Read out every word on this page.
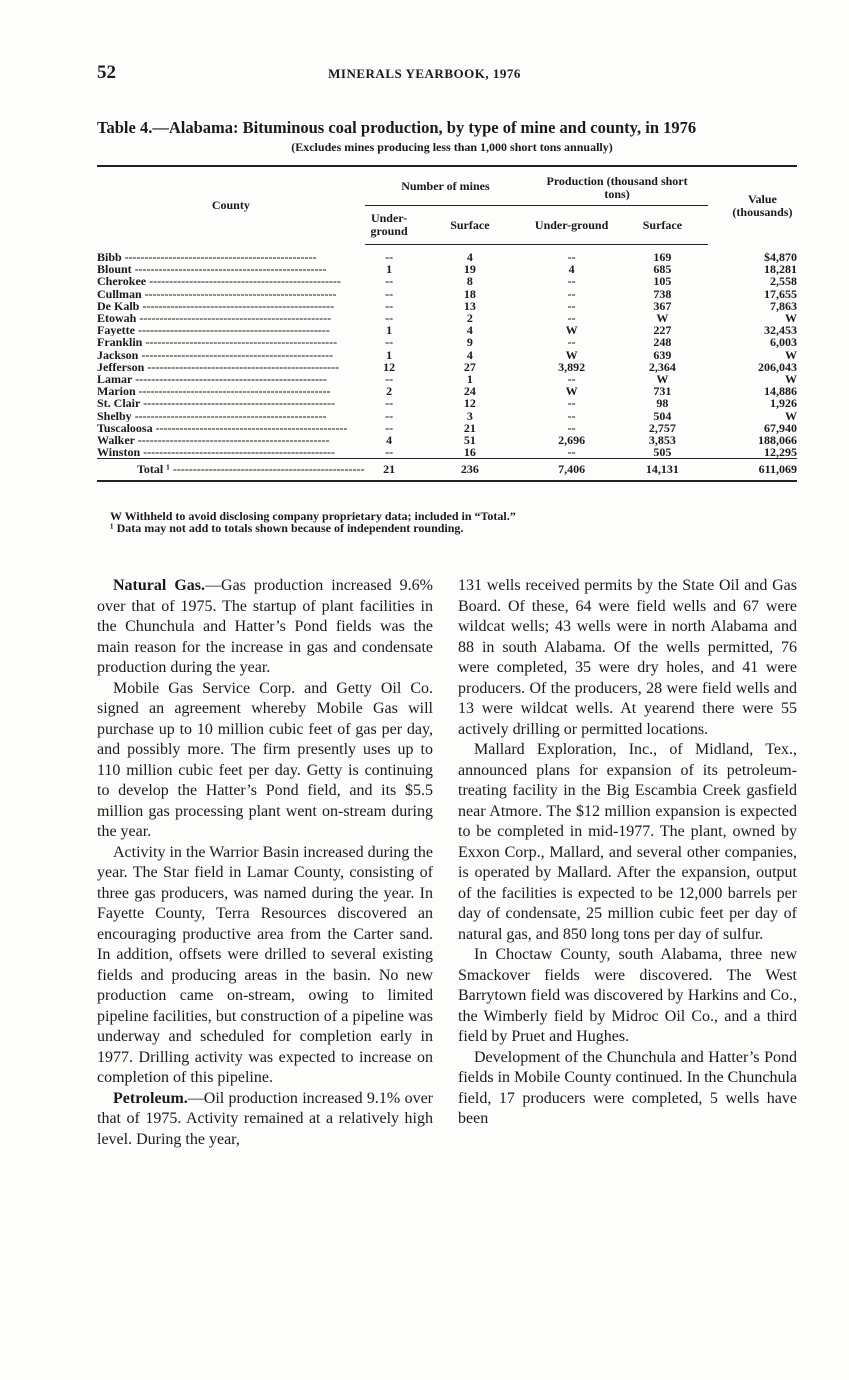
52	MINERALS YEARBOOK, 1976
Table 4.—Alabama: Bituminous coal production, by type of mine and county, in 1976
(Excludes mines producing less than 1,000 short tons annually)
County	Number of mines		Production (thousand short tons)		Value (thousands)
	Under-ground	Surface	Under-ground	Surface	
Bibb ------------------------------------------------	--	4	--	169	$4,870
Blount ------------------------------------------------	1	19	4	685	18,281
Cherokee ------------------------------------------------	--	8	--	105	2,558
Cullman ------------------------------------------------	--	18	--	738	17,655
De Kalb ------------------------------------------------	--	13	--	367	7,863
Etowah ------------------------------------------------	--	2	--	W	W
Fayette ------------------------------------------------	1	4	W	227	32,453
Franklin ------------------------------------------------	--	9	--	248	6,003
Jackson ------------------------------------------------	1	4	W	639	W
Jefferson ------------------------------------------------	12	27	3,892	2,364	206,043
Lamar ------------------------------------------------	--	1	--	W	W
Marion ------------------------------------------------	2	24	W	731	14,886
St. Clair ------------------------------------------------	--	12	--	98	1,926
Shelby ------------------------------------------------	--	3	--	504	W
Tuscaloosa ------------------------------------------------	--	21	--	2,757	67,940
Walker ------------------------------------------------	4	51	2,696	3,853	188,066
Winston ------------------------------------------------	--	16	--	505	12,295
Total ¹ ------------------------------------------------	21	236	7,406	14,131	611,069
W Withheld to avoid disclosing company proprietary data; included in “Total.”
¹ Data may not add to totals shown because of independent rounding.

Natural Gas.—Gas production increased 9.6% over that of 1975. The startup of plant facilities in the Chunchula and Hatter’s Pond fields was the main reason for the increase in gas and condensate production during the year.

Mobile Gas Service Corp. and Getty Oil Co. signed an agreement whereby Mobile Gas will purchase up to 10 million cubic feet of gas per day, and possibly more. The firm presently uses up to 110 million cubic feet per day. Getty is continuing to develop the Hatter’s Pond field, and its $5.5 million gas processing plant went on-stream during the year.

Activity in the Warrior Basin increased during the year. The Star field in Lamar County, consisting of three gas producers, was named during the year. In Fayette County, Terra Resources discovered an encouraging productive area from the Carter sand. In addition, offsets were drilled to several existing fields and producing areas in the basin. No new production came on-stream, owing to limited pipeline facilities, but construction of a pipeline was underway and scheduled for completion early in 1977. Drilling activity was expected to increase on completion of this pipeline.

Petroleum.—Oil production increased 9.1% over that of 1975. Activity remained at a relatively high level. During the year,

131 wells received permits by the State Oil and Gas Board. Of these, 64 were field wells and 67 were wildcat wells; 43 wells were in north Alabama and 88 in south Alabama. Of the wells permitted, 76 were completed, 35 were dry holes, and 41 were producers. Of the producers, 28 were field wells and 13 were wildcat wells. At yearend there were 55 actively drilling or permitted locations.

Mallard Exploration, Inc., of Midland, Tex., announced plans for expansion of its petroleum-treating facility in the Big Escambia Creek gasfield near Atmore. The $12 million expansion is expected to be completed in mid-1977. The plant, owned by Exxon Corp., Mallard, and several other companies, is operated by Mallard. After the expansion, output of the facilities is expected to be 12,000 barrels per day of condensate, 25 million cubic feet per day of natural gas, and 850 long tons per day of sulfur.

In Choctaw County, south Alabama, three new Smackover fields were discovered. The West Barrytown field was discovered by Harkins and Co., the Wimberly field by Midroc Oil Co., and a third field by Pruet and Hughes.

Development of the Chunchula and Hatter’s Pond fields in Mobile County continued. In the Chunchula field, 17 producers were completed, 5 wells have been
